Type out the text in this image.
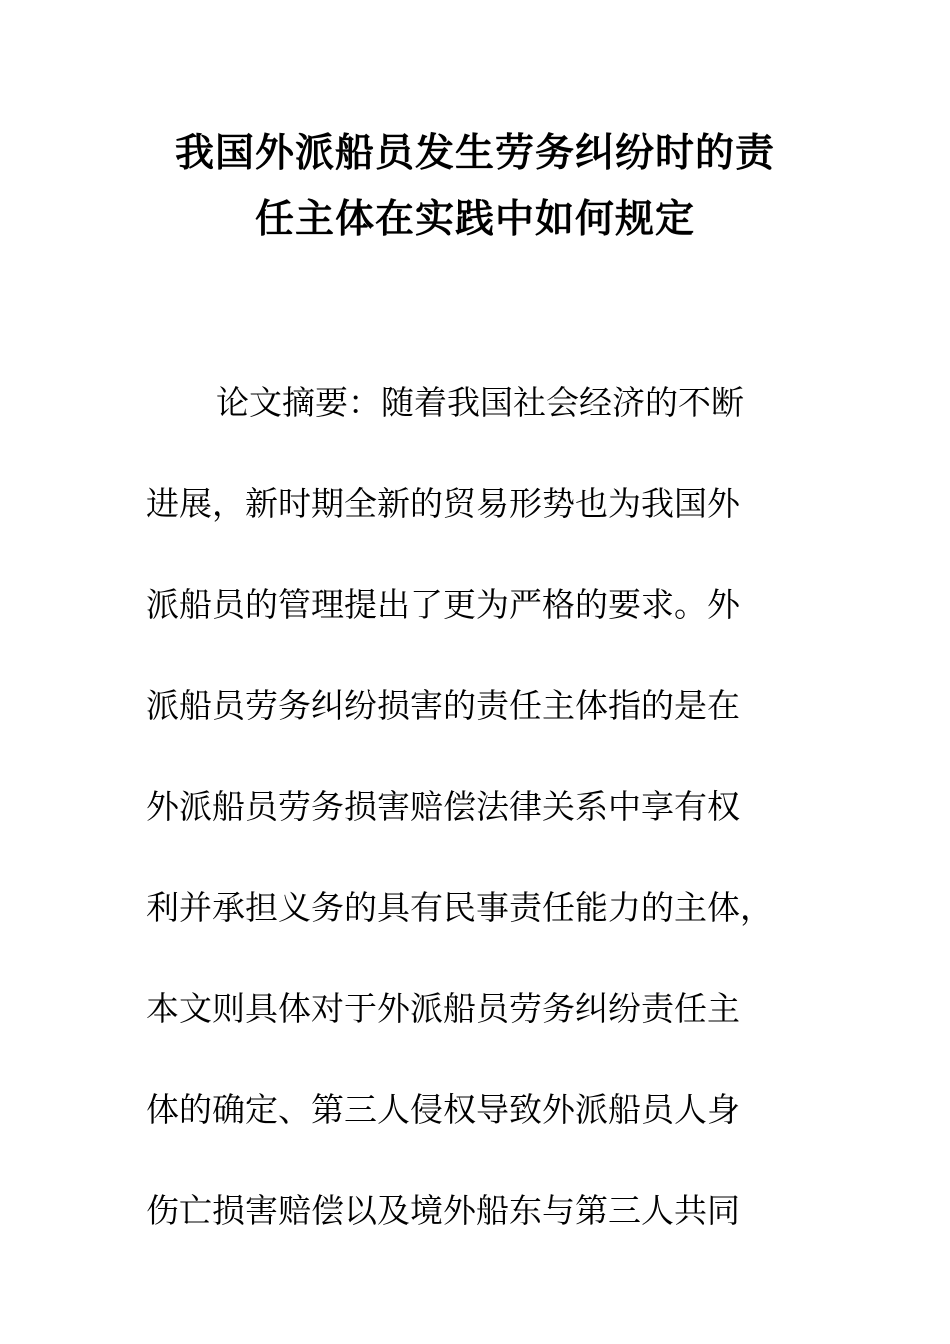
我国外派船员发生劳务纠纷时的责
任主体在实践中如何规定
论文摘要：随着我国社会经济的不断
进展，新时期全新的贸易形势也为我国外
派船员的管理提出了更为严格的要求。外
派船员劳务纠纷损害的责任主体指的是在
外派船员劳务损害赔偿法律关系中享有权
利并承担义务的具有民事责任能力的主体，
本文则具体对于外派船员劳务纠纷责任主
体的确定、第三人侵权导致外派船员人身
伤亡损害赔偿以及境外船东与第三人共同
